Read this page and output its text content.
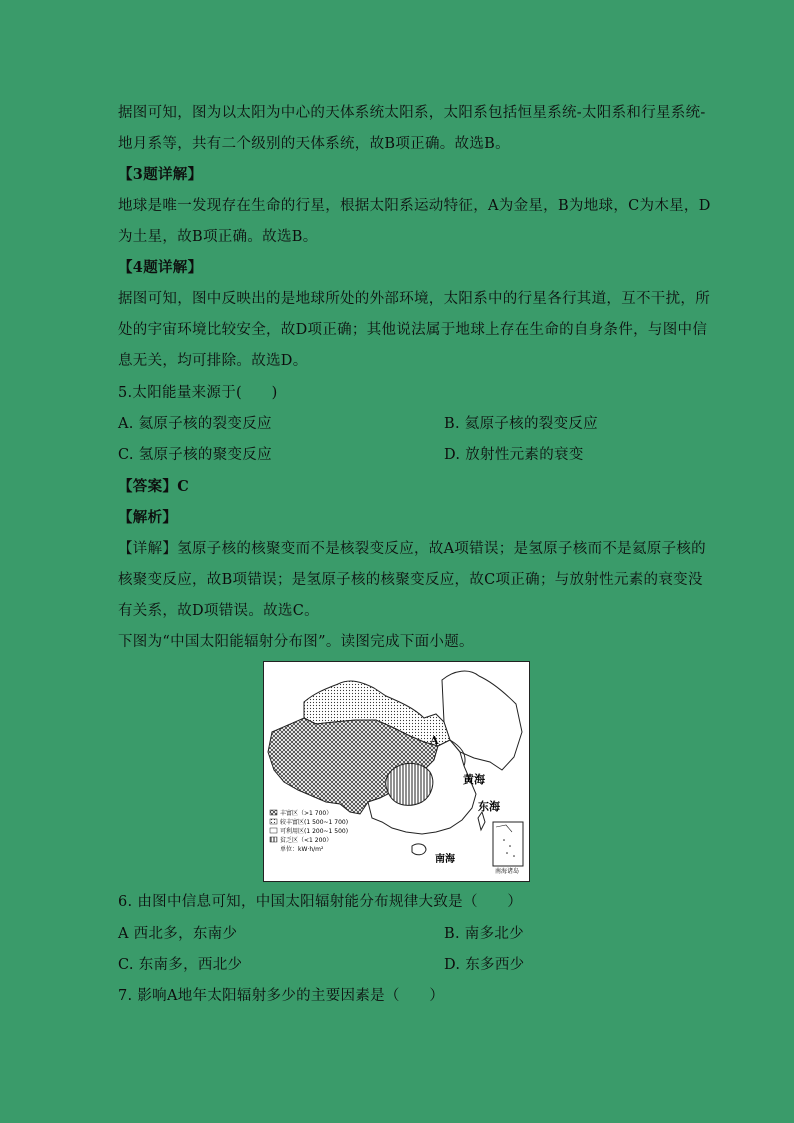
据图可知，图为以太阳为中心的天体系统太阳系，太阳系包括恒星系统-太阳系和行星系统-
地月系等，共有二个级别的天体系统，故B项正确。故选B。
【3题详解】
地球是唯一发现存在生命的行星，根据太阳系运动特征，A为金星，B为地球，C为木星，D
为土星，故B项正确。故选B。
【4题详解】
据图可知，图中反映出的是地球所处的外部环境，太阳系中的行星各行其道，互不干扰，所
处的宇宙环境比较安全，故D项正确；其他说法属于地球上存在生命的自身条件，与图中信
息无关，均可排除。故选D。
5.太阳能量来源于(　　)
A. 氦原子核的裂变反应	B. 氦原子核的裂变反应
C. 氢原子核的聚变反应	D. 放射性元素的衰变
【答案】C
【解析】
【详解】氢原子核的核聚变而不是核裂变反应，故A项错误；是氢原子核而不是氦原子核的
核聚变反应，故B项错误；是氢原子核的核聚变反应，故C项正确；与放射性元素的衰变没
有关系，故D项错误。故选C。
下图为“中国太阳能辐射分布图”。读图完成下面小题。
A
黄海
东海
南海
丰富区（>1 700）
较丰富区(1 500~1 700)
可利用区(1 200~1 500)
贫乏区（<1 200）
单位：kW·h/m²
南海诸岛
6. 由图中信息可知，中国太阳辐射能分布规律大致是（　　）
A 西北多，东南少	B. 南多北少
C. 东南多，西北少	D. 东多西少
7. 影响A地年太阳辐射多少的主要因素是（　　）
